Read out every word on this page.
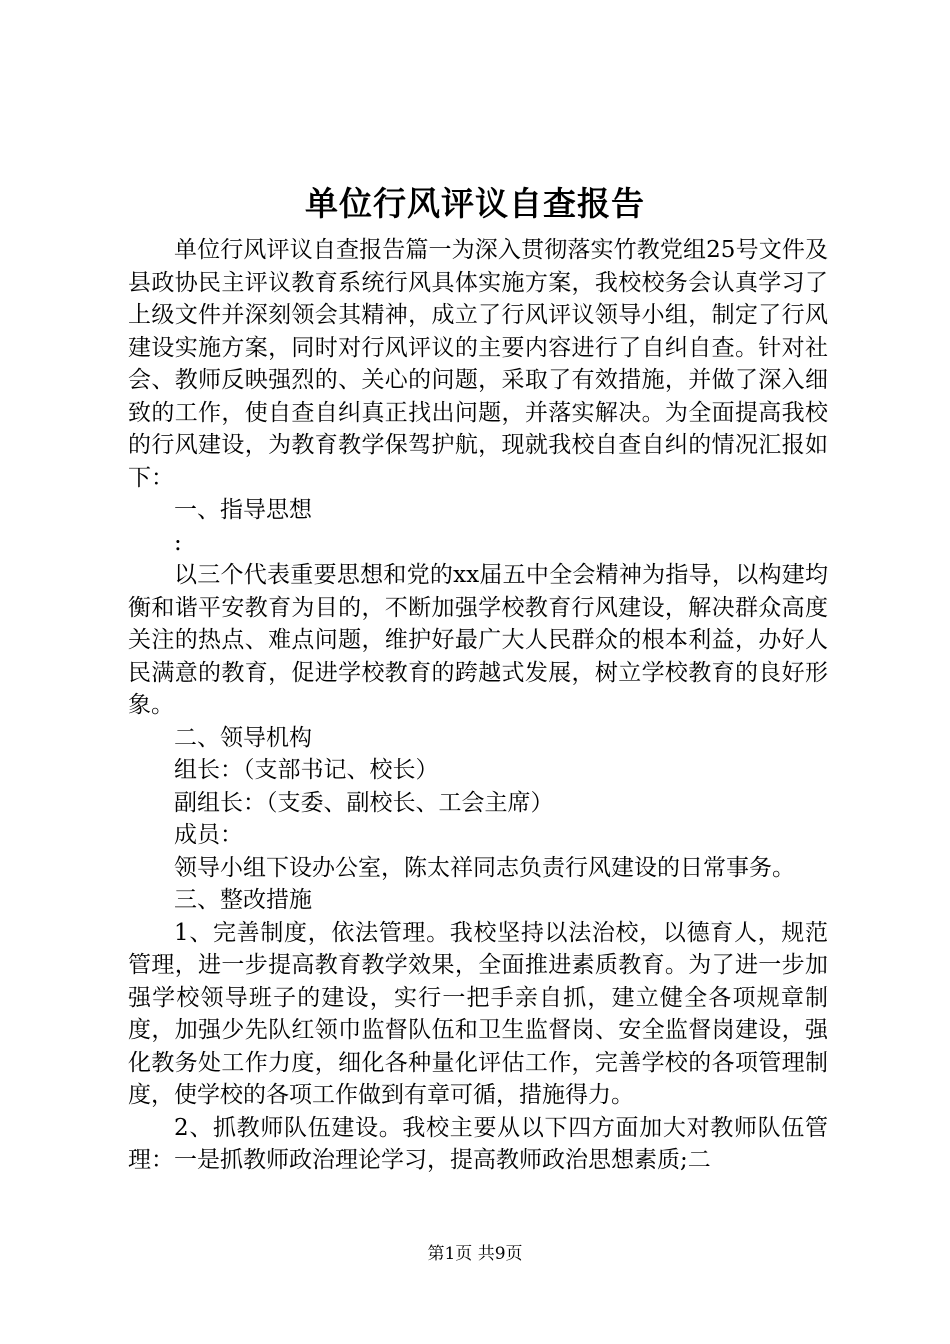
单位行风评议自查报告

单位行风评议自查报告篇一为深入贯彻落实竹教党组25号文件及县政协民主评议教育系统行风具体实施方案，我校校务会认真学习了上级文件并深刻领会其精神，成立了行风评议领导小组，制定了行风建设实施方案，同时对行风评议的主要内容进行了自纠自查。针对社会、教师反映强烈的、关心的问题，采取了有效措施，并做了深入细致的工作，使自查自纠真正找出问题，并落实解决。为全面提高我校的行风建设，为教育教学保驾护航，现就我校自查自纠的情况汇报如下：

一、指导思想

:

以三个代表重要思想和党的xx届五中全会精神为指导，以构建均衡和谐平安教育为目的，不断加强学校教育行风建设，解决群众高度关注的热点、难点问题，维护好最广大人民群众的根本利益，办好人民满意的教育，促进学校教育的跨越式发展，树立学校教育的良好形象。

二、领导机构

组长：（支部书记、校长）

副组长：（支委、副校长、工会主席）

成员：

领导小组下设办公室，陈太祥同志负责行风建设的日常事务。

三、整改措施

1、完善制度，依法管理。我校坚持以法治校，以德育人，规范管理，进一步提高教育教学效果，全面推进素质教育。为了进一步加强学校领导班子的建设，实行一把手亲自抓，建立健全各项规章制度，加强少先队红领巾监督队伍和卫生监督岗、安全监督岗建设，强化教务处工作力度，细化各种量化评估工作，完善学校的各项管理制度，使学校的各项工作做到有章可循，措施得力。

2、抓教师队伍建设。我校主要从以下四方面加大对教师队伍管理：一是抓教师政治理论学习，提高教师政治思想素质;二

第1页 共9页
